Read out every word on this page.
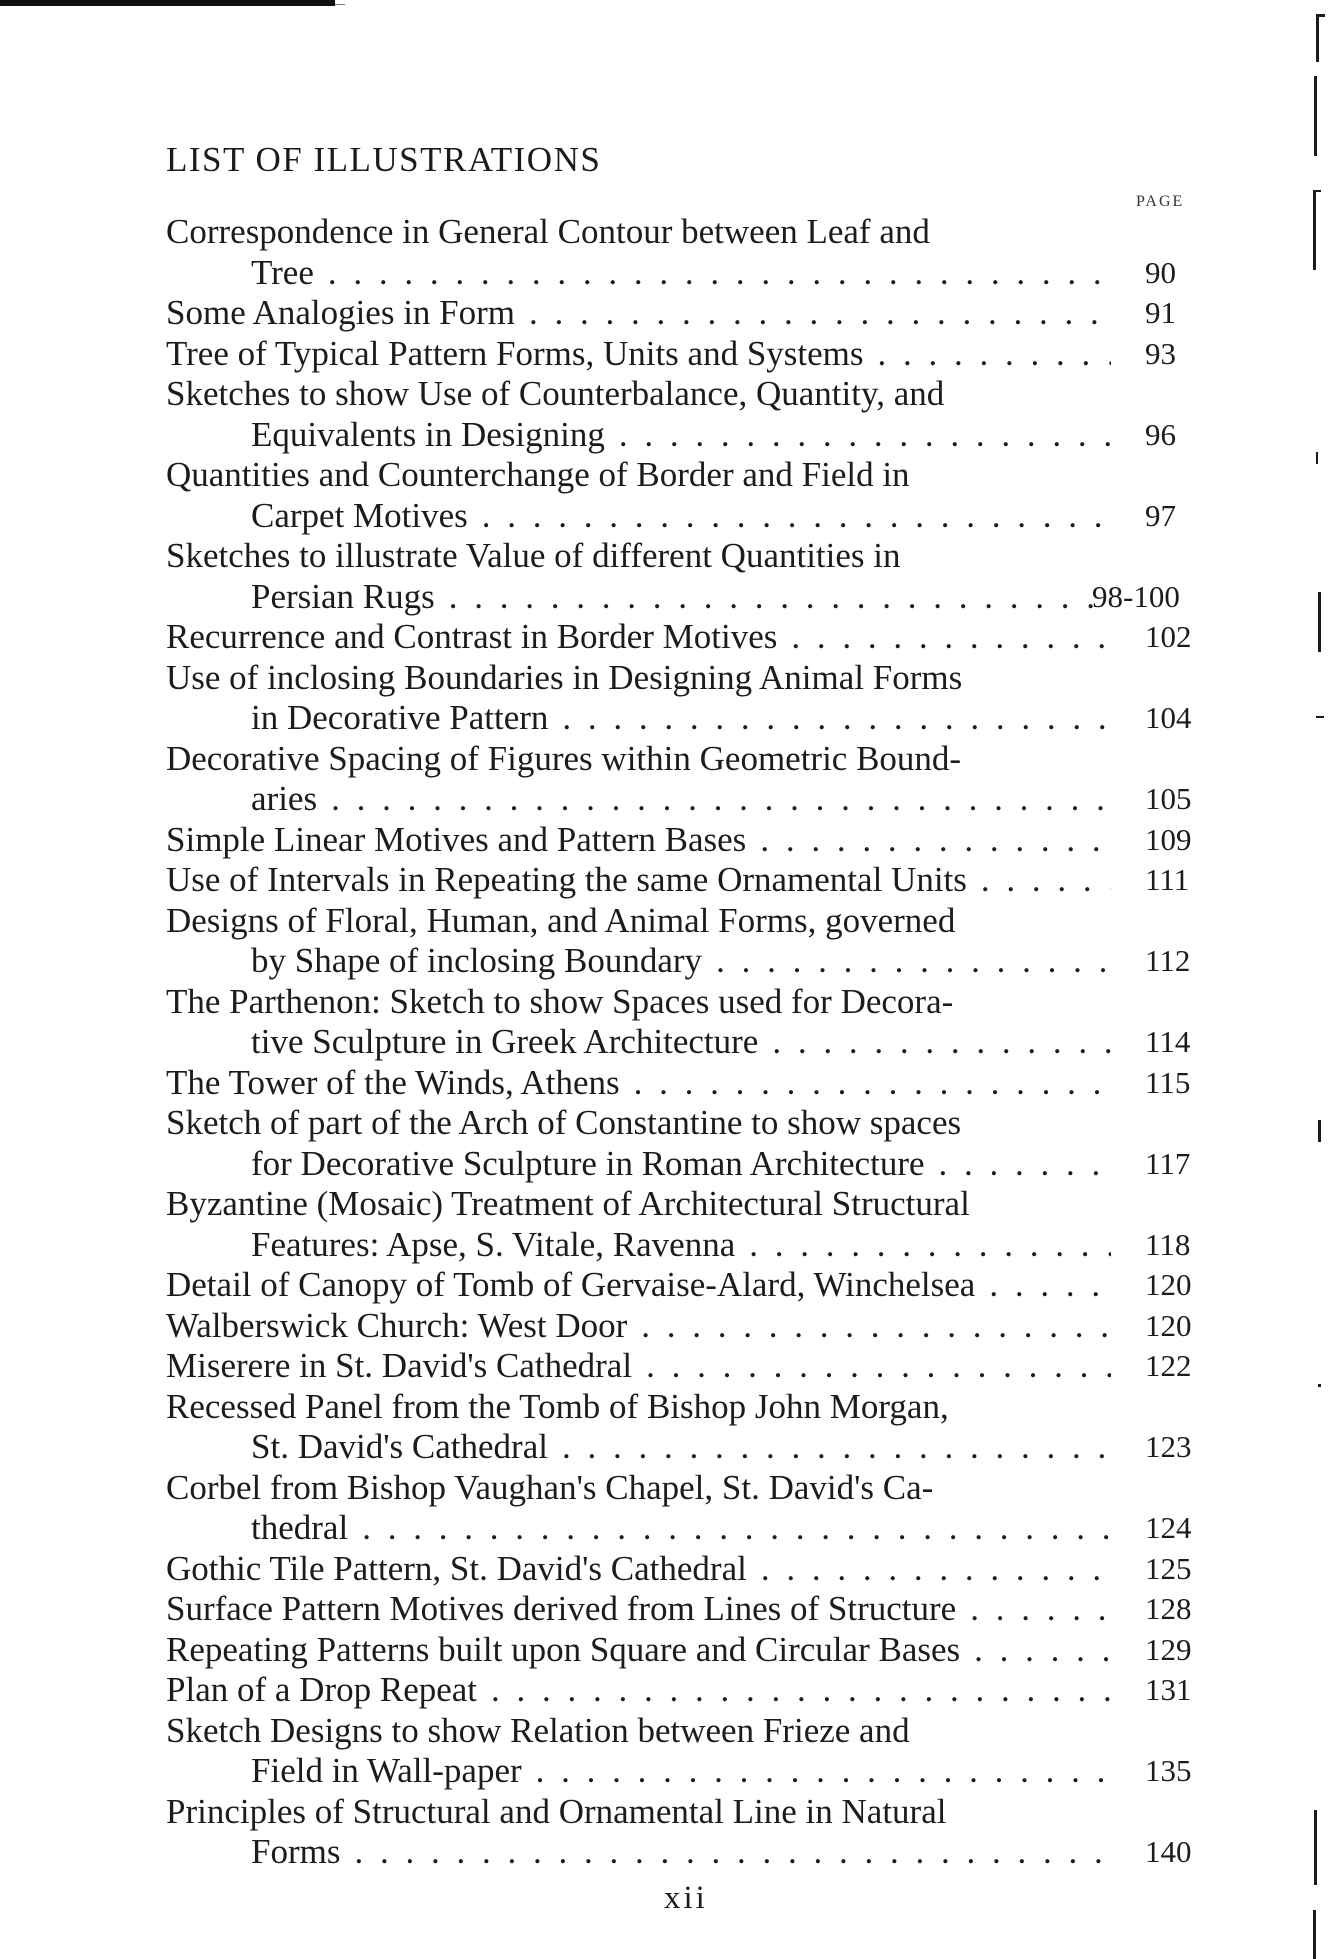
LIST OF ILLUSTRATIONS
PAGE
Correspondence in General Contour between Leaf and
Tree . . .	90
Some Analogies in Form . . .	91
Tree of Typical Pattern Forms, Units and Systems . . .	93
Sketches to show Use of Counterbalance, Quantity, and
Equivalents in Designing . . .	96
Quantities and Counterchange of Border and Field in
Carpet Motives . . .	97
Sketches to illustrate Value of different Quantities in
Persian Rugs . . .	98-100
Recurrence and Contrast in Border Motives . . .	102
Use of inclosing Boundaries in Designing Animal Forms
in Decorative Pattern . . .	104
Decorative Spacing of Figures within Geometric Bound-
aries . . .	105
Simple Linear Motives and Pattern Bases . . .	109
Use of Intervals in Repeating the same Ornamental Units . . .	111
Designs of Floral, Human, and Animal Forms, governed
by Shape of inclosing Boundary . . .	112
The Parthenon: Sketch to show Spaces used for Decora-
tive Sculpture in Greek Architecture . . .	114
The Tower of the Winds, Athens . . .	115
Sketch of part of the Arch of Constantine to show spaces
for Decorative Sculpture in Roman Architecture . . .	117
Byzantine (Mosaic) Treatment of Architectural Structural
Features: Apse, S. Vitale, Ravenna . . .	118
Detail of Canopy of Tomb of Gervaise-Alard, Winchelsea . . .	120
Walberswick Church: West Door . . .	120
Miserere in St. David's Cathedral . . .	122
Recessed Panel from the Tomb of Bishop John Morgan,
St. David's Cathedral . . .	123
Corbel from Bishop Vaughan's Chapel, St. David's Ca-
thedral . . .	124
Gothic Tile Pattern, St. David's Cathedral . . .	125
Surface Pattern Motives derived from Lines of Structure . . .	128
Repeating Patterns built upon Square and Circular Bases . . .	129
Plan of a Drop Repeat . . .	131
Sketch Designs to show Relation between Frieze and
Field in Wall-paper . . .	135
Principles of Structural and Ornamental Line in Natural
Forms . . .	140
xii
